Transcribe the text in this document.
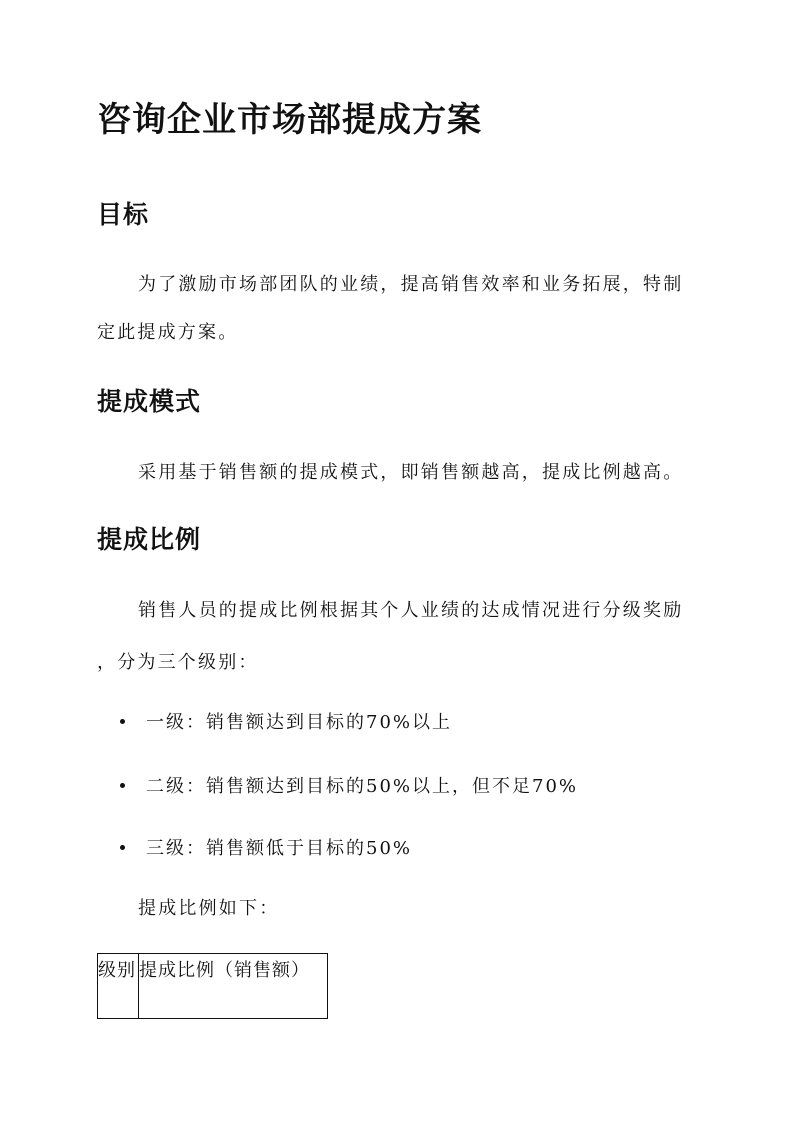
咨询企业市场部提成方案
目标
为了激励市场部团队的业绩，提高销售效率和业务拓展，特制
定此提成方案。
提成模式
采用基于销售额的提成模式，即销售额越高，提成比例越高。
提成比例
销售人员的提成比例根据其个人业绩的达成情况进行分级奖励
，分为三个级别：
一级：销售额达到目标的70%以上
二级：销售额达到目标的50%以上，但不足70%
三级：销售额低于目标的50%
提成比例如下：
级别	提成比例（销售额）
